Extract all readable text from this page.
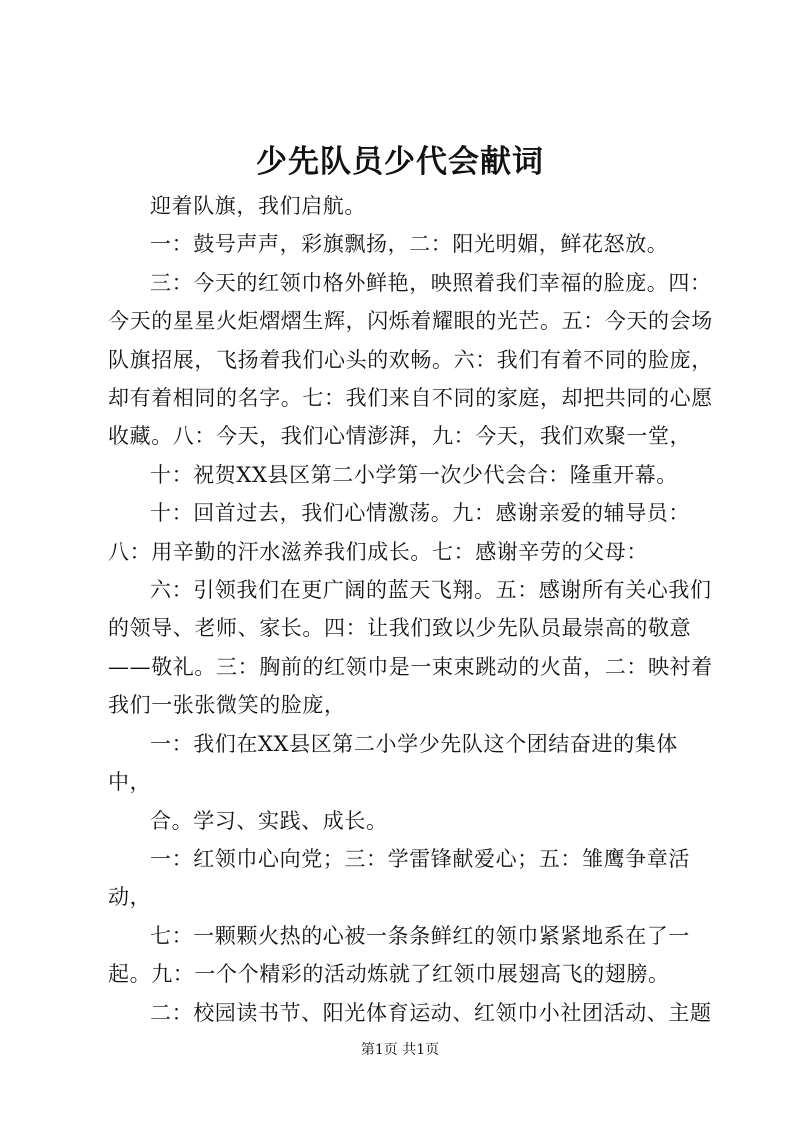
少先队员少代会献词

迎着队旗，我们启航。

一：鼓号声声，彩旗飘扬，二：阳光明媚，鲜花怒放。

三：今天的红领巾格外鲜艳，映照着我们幸福的脸庞。四：今天的星星火炬熠熠生辉，闪烁着耀眼的光芒。五：今天的会场队旗招展，飞扬着我们心头的欢畅。六：我们有着不同的脸庞，却有着相同的名字。七：我们来自不同的家庭，却把共同的心愿收藏。八：今天，我们心情澎湃，九：今天，我们欢聚一堂，

十：祝贺XX县区第二小学第一次少代会合：隆重开幕。

十：回首过去，我们心情激荡。九：感谢亲爱的辅导员：八：用辛勤的汗水滋养我们成长。七：感谢辛劳的父母：

六：引领我们在更广阔的蓝天飞翔。五：感谢所有关心我们的领导、老师、家长。四：让我们致以少先队员最崇高的敬意——敬礼。三：胸前的红领巾是一束束跳动的火苗，二：映衬着我们一张张微笑的脸庞，

一：我们在XX县区第二小学少先队这个团结奋进的集体中，

合。学习、实践、成长。

一：红领巾心向党；三：学雷锋献爱心；五：雏鹰争章活动，

七：一颗颗火热的心被一条条鲜红的领巾紧紧地系在了一起。九：一个个精彩的活动炼就了红领巾展翅高飞的翅膀。

二：校园读书节、阳光体育运动、红领巾小社团活动、主题

第1页 共1页
